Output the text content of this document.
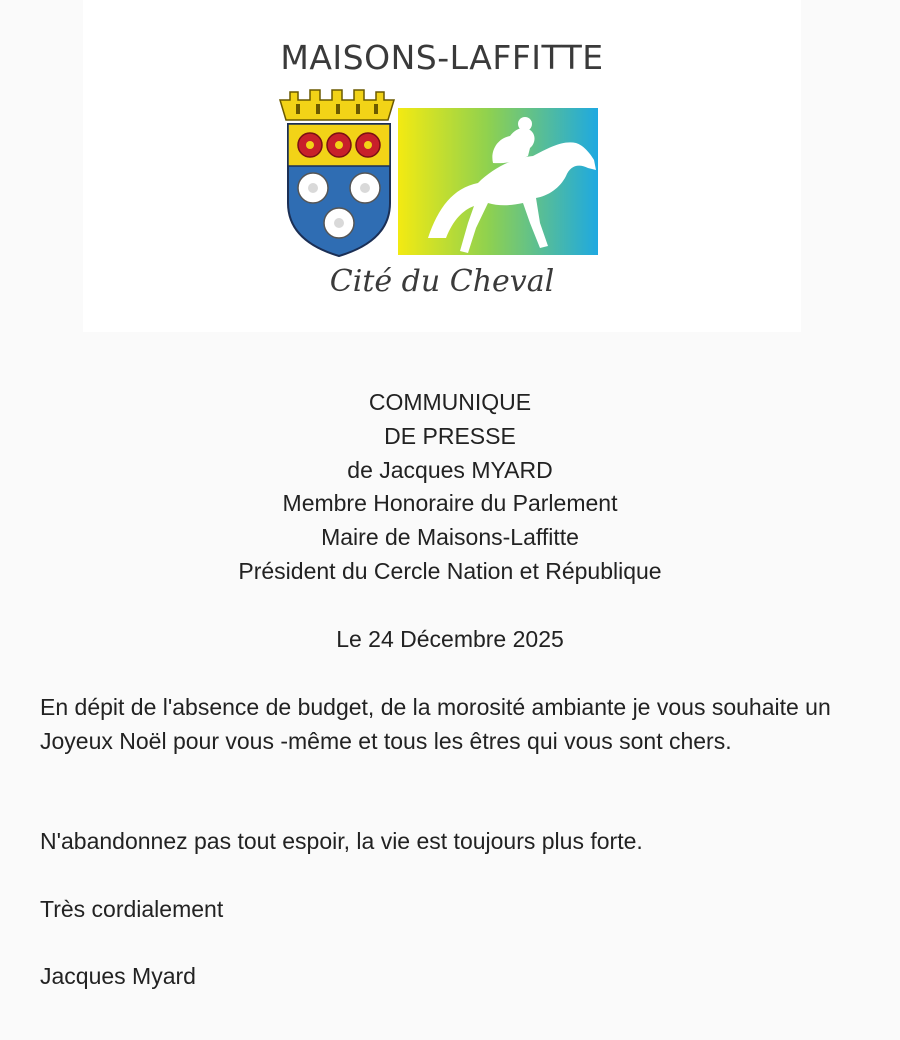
MAISONS-LAFFITTE
Cité du Cheval
COMMUNIQUE
DE PRESSE
de Jacques MYARD
Membre Honoraire du Parlement
Maire de Maisons-Laffitte
Président du Cercle Nation et République
Le 24 Décembre 2025

En dépit de l'absence de budget, de la morosité ambiante je vous souhaite un Joyeux Noël pour vous -même et tous les êtres qui vous sont chers.

N'abandonnez pas tout espoir, la vie est toujours plus forte.

Très cordialement

Jacques Myard
